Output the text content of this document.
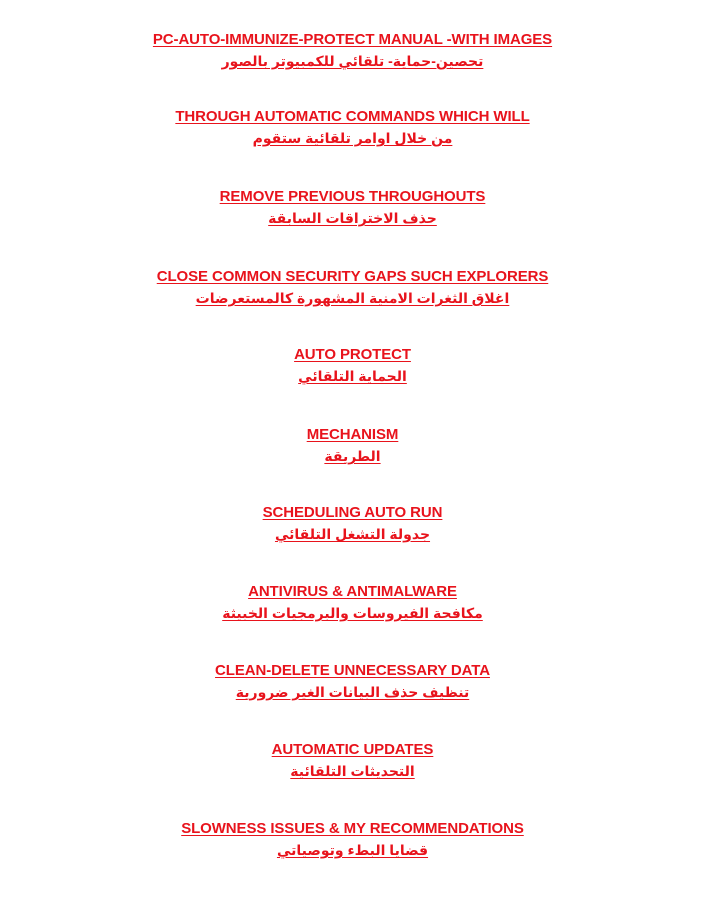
PC-AUTO-IMMUNIZE-PROTECT MANUAL -WITH IMAGES
تحصين-حماية- تلقائي للكمبيوتر بالصور
THROUGH AUTOMATIC COMMANDS WHICH WILL
من خلال اوامر تلقائية ستقوم
REMOVE PREVIOUS THROUGHOUTS
حذف الاختراقات السابقة
CLOSE COMMON SECURITY GAPS SUCH EXPLORERS
اغلاق الثغرات الامنية المشهورة كالمستعرضات
AUTO PROTECT
الحماية التلقائي
MECHANISM
الطريقة
SCHEDULING AUTO RUN
جدولة التشغل التلقائي
ANTIVIRUS & ANTIMALWARE
مكافحة الفيروسات والبرمجيات الخبيثة
CLEAN-DELETE UNNECESSARY DATA
تنظيف حذف البيانات الغير ضرورية
AUTOMATIC UPDATES
التحديثات التلقائية
SLOWNESS ISSUES & MY RECOMMENDATIONS
قضايا البطء وتوصياتي
